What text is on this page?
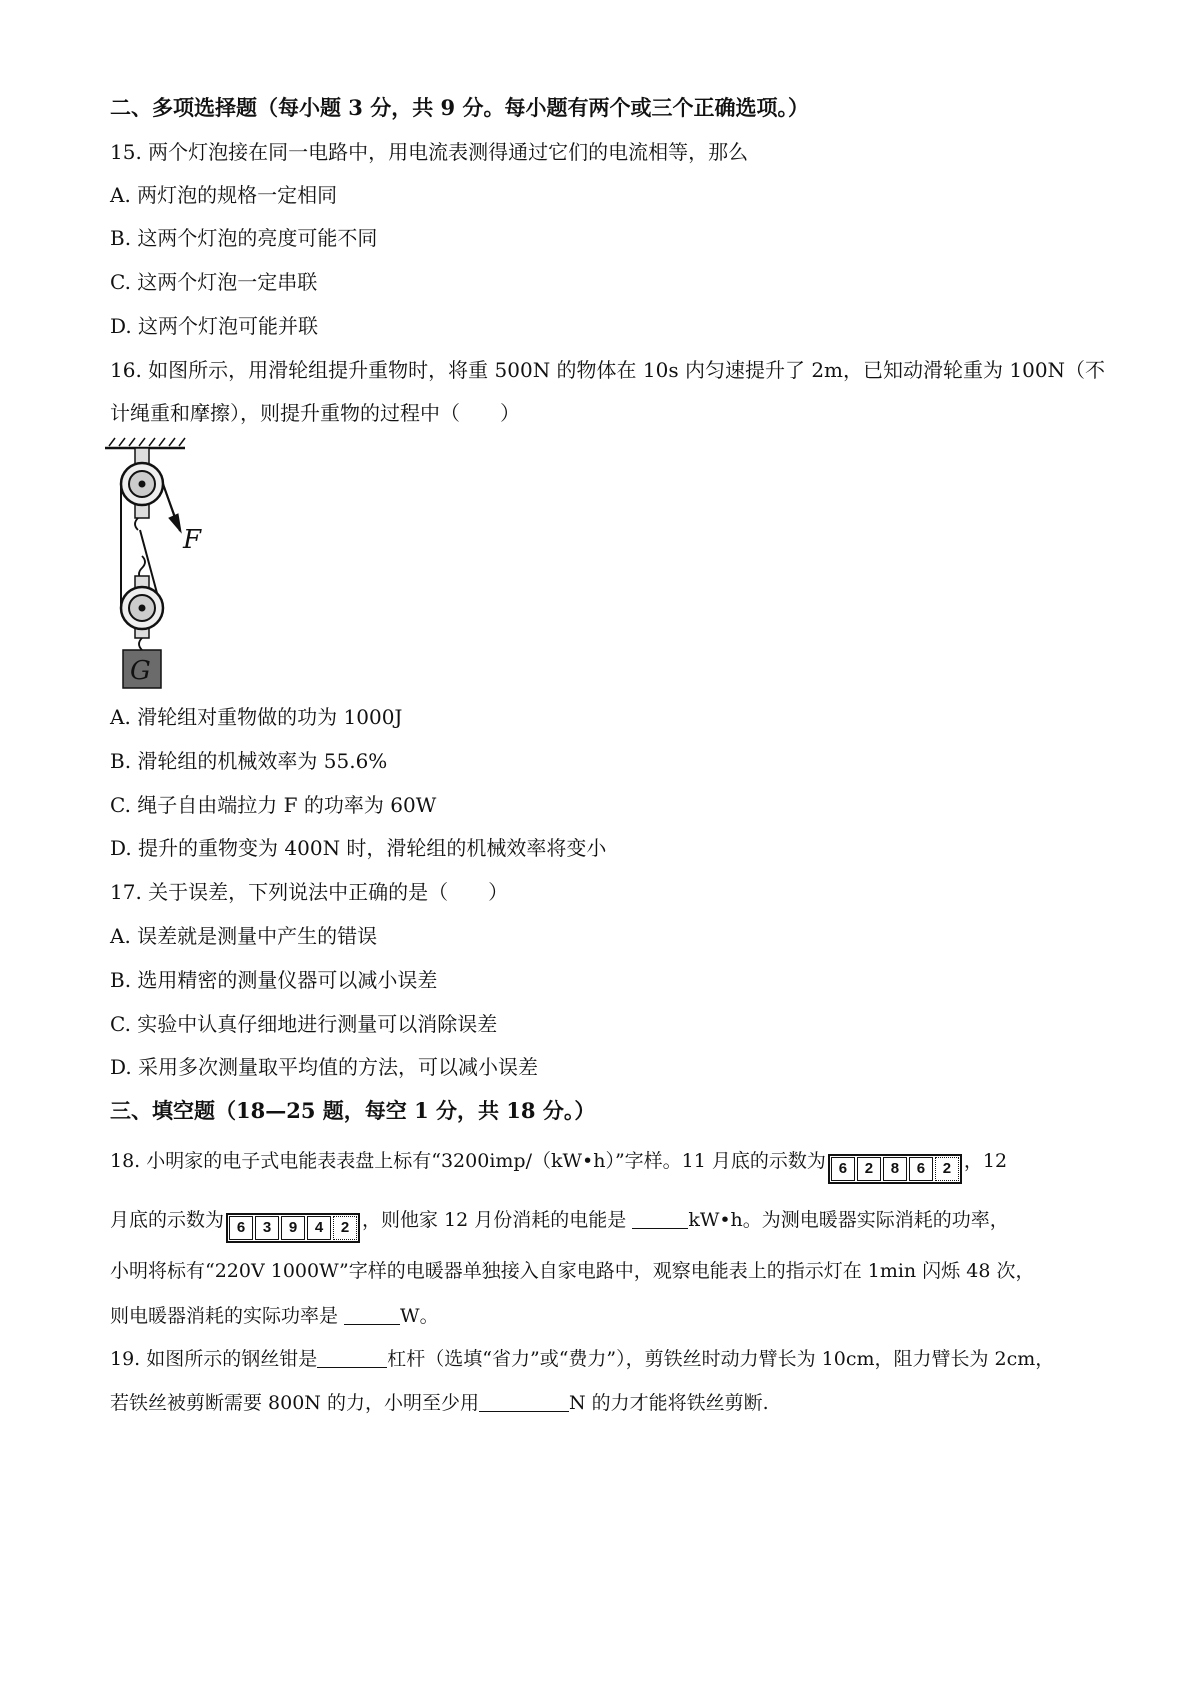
二、多项选择题（每小题 3 分，共 9 分。每小题有两个或三个正确选项。）
15. 两个灯泡接在同一电路中，用电流表测得通过它们的电流相等，那么
A. 两灯泡的规格一定相同
B. 这两个灯泡的亮度可能不同
C. 这两个灯泡一定串联
D. 这两个灯泡可能并联
16. 如图所示，用滑轮组提升重物时，将重 500N 的物体在 10s 内匀速提升了 2m，已知动滑轮重为 100N（不
计绳重和摩擦），则提升重物的过程中（　　）
F
G
A. 滑轮组对重物做的功为 1000J
B. 滑轮组的机械效率为 55.6%
C. 绳子自由端拉力 F 的功率为 60W
D. 提升的重物变为 400N 时，滑轮组的机械效率将变小
17. 关于误差，下列说法中正确的是（　　）
A. 误差就是测量中产生的错误
B. 选用精密的测量仪器可以减小误差
C. 实验中认真仔细地进行测量可以消除误差
D. 采用多次测量取平均值的方法，可以减小误差
三、填空题（18—25 题，每空 1 分，共 18 分。）
18. 小明家的电子式电能表表盘上标有“3200imp/（kW•h）”字样。11 月底的示数为 6	2	8	6	2 ，12
月底的示数为 6	3	9	4	2 ，则他家 12 月份消耗的电能是	kW•h。为测电暖器实际消耗的功率，
小明将标有“220V 1000W”字样的电暖器单独接入自家电路中，观察电能表上的指示灯在 1min 闪烁 48 次，
则电暖器消耗的实际功率是	W。
19. 如图所示的钢丝钳是	杠杆（选填“省力”或“费力”），剪铁丝时动力臂长为 10cm，阻力臂长为 2cm，
若铁丝被剪断需要 800N 的力，小明至少用	N 的力才能将铁丝剪断.
